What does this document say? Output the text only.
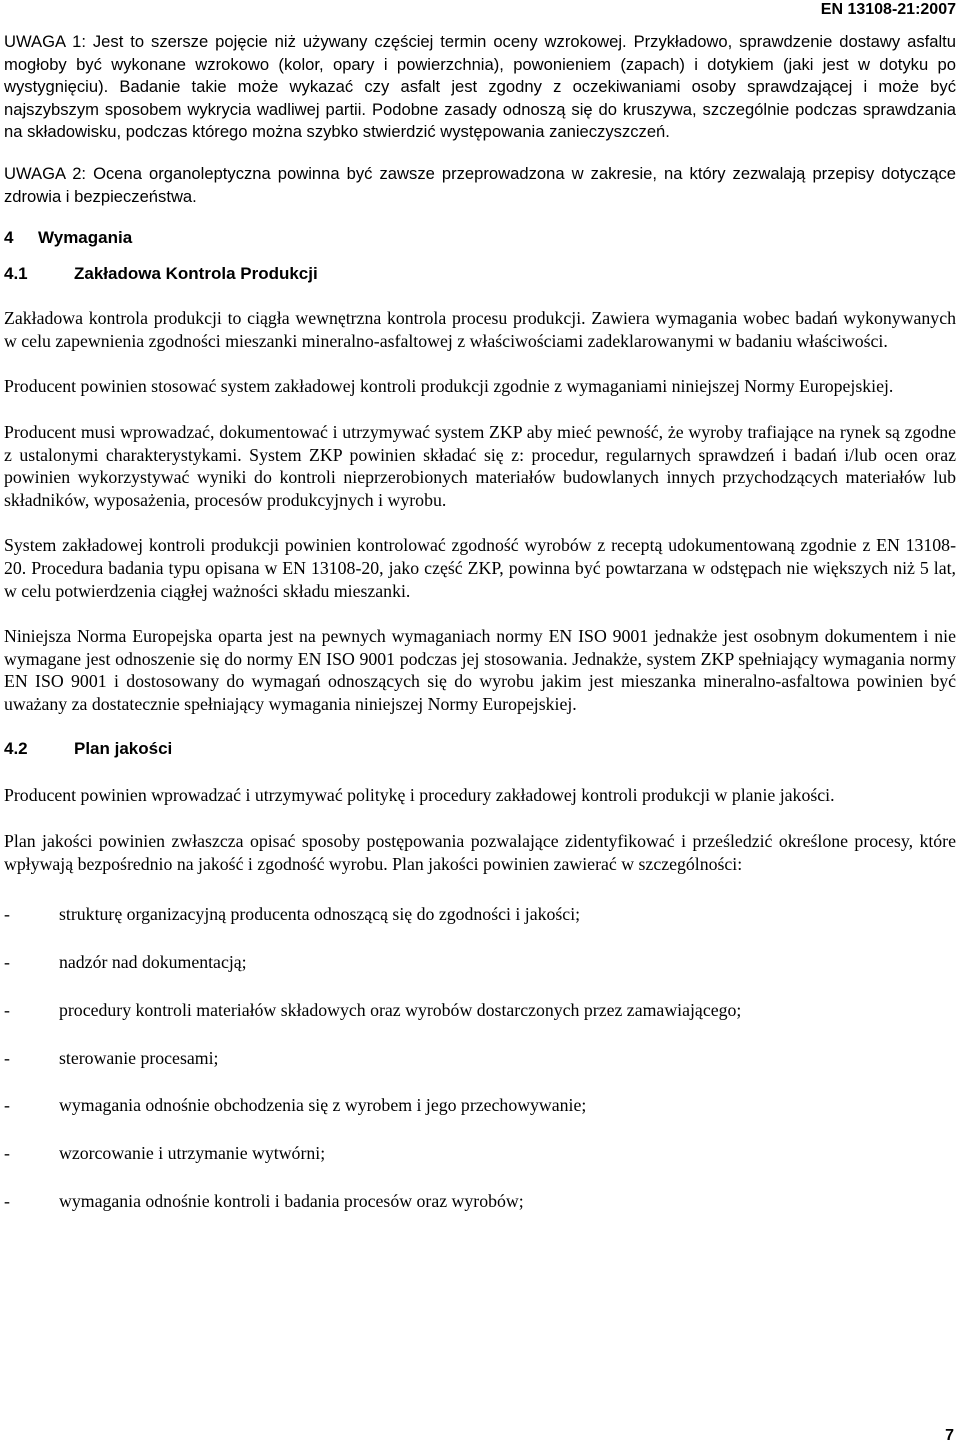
EN 13108-21:2007

UWAGA 1: Jest to szersze pojęcie niż używany częściej termin oceny wzrokowej. Przykładowo, sprawdzenie dostawy asfaltu mogłoby być wykonane wzrokowo (kolor, opary i powierzchnia), powonieniem (zapach) i dotykiem (jaki jest w dotyku po wystygnięciu). Badanie takie może wykazać czy asfalt jest zgodny z oczekiwaniami osoby sprawdzającej i może być najszybszym sposobem wykrycia wadliwej partii. Podobne zasady odnoszą się do kruszywa, szczególnie podczas sprawdzania na składowisku, podczas którego można szybko stwierdzić występowania zanieczyszczeń.

UWAGA 2: Ocena organoleptyczna powinna być zawsze przeprowadzona w zakresie, na który zezwalają przepisy dotyczące zdrowia i bezpieczeństwa.

4 Wymagania
4.1	Zakładowa Kontrola Produkcji

Zakładowa kontrola produkcji to ciągła wewnętrzna kontrola procesu produkcji. Zawiera wymagania wobec badań wykonywanych w celu zapewnienia zgodności mieszanki mineralno-asfaltowej z właściwościami zadeklarowanymi w badaniu właściwości.

Producent powinien stosować system zakładowej kontroli produkcji zgodnie z wymaganiami niniejszej Normy Europejskiej.

Producent musi wprowadzać, dokumentować i utrzymywać system ZKP aby mieć pewność, że wyroby trafiające na rynek są zgodne z ustalonymi charakterystykami. System ZKP powinien składać się z: procedur, regularnych sprawdzeń i badań i/lub ocen oraz powinien wykorzystywać wyniki do kontroli nieprzerobionych materiałów budowlanych innych przychodzących materiałów lub składników, wyposażenia, procesów produkcyjnych i wyrobu.

System zakładowej kontroli produkcji powinien kontrolować zgodność wyrobów z receptą udokumentowaną zgodnie z EN 13108-20. Procedura badania typu opisana w EN 13108-20, jako część ZKP, powinna być powtarzana w odstępach nie większych niż 5 lat, w celu potwierdzenia ciągłej ważności składu mieszanki.

Niniejsza Norma Europejska oparta jest na pewnych wymaganiach normy EN ISO 9001 jednakże jest osobnym dokumentem i nie wymagane jest odnoszenie się do normy EN ISO 9001 podczas jej stosowania. Jednakże, system ZKP spełniający wymagania normy EN ISO 9001 i dostosowany do wymagań odnoszących się do wyrobu jakim jest mieszanka mineralno-asfaltowa powinien być uważany za dostatecznie spełniający wymagania niniejszej Normy Europejskiej.

4.2	Plan jakości

Producent powinien wprowadzać i utrzymywać politykę i procedury zakładowej kontroli produkcji w planie jakości.

Plan jakości powinien zwłaszcza opisać sposoby postępowania pozwalające zidentyfikować i prześledzić określone procesy, które wpływają bezpośrednio na jakość i zgodność wyrobu. Plan jakości powinien zawierać w szczególności:

-	strukturę organizacyjną producenta odnoszącą się do zgodności i jakości;
-	nadzór nad dokumentacją;
-	procedury kontroli materiałów składowych oraz wyrobów dostarczonych przez zamawiającego;
-	sterowanie procesami;
-	wymagania odnośnie obchodzenia się z wyrobem i jego przechowywanie;
-	wzorcowanie i utrzymanie wytwórni;
-	wymagania odnośnie kontroli i badania procesów oraz wyrobów;
7
